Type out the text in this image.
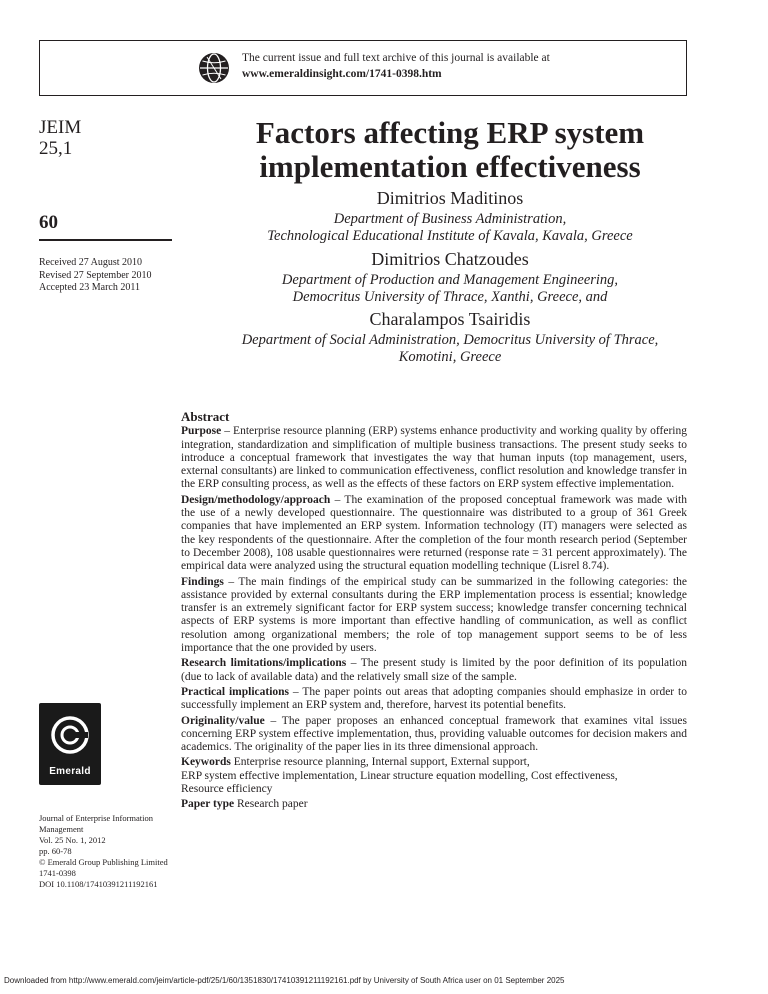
The current issue and full text archive of this journal is available at
www.emeraldinsight.com/1741-0398.htm
JEIM
25,1
60
Received 27 August 2010
Revised 27 September 2010
Accepted 23 March 2011
Factors affecting ERP system
implementation effectiveness
Dimitrios Maditinos
Department of Business Administration,
Technological Educational Institute of Kavala, Kavala, Greece
Dimitrios Chatzoudes
Department of Production and Management Engineering,
Democritus University of Thrace, Xanthi, Greece, and
Charalampos Tsairidis
Department of Social Administration, Democritus University of Thrace,
Komotini, Greece
Emerald
Journal of Enterprise Information
Management
Vol. 25 No. 1, 2012
pp. 60-78
© Emerald Group Publishing Limited
1741-0398
DOI 10.1108/17410391211192161
Abstract

Purpose – Enterprise resource planning (ERP) systems enhance productivity and working quality by offering integration, standardization and simplification of multiple business transactions. The present study seeks to introduce a conceptual framework that investigates the way that human inputs (top management, users, external consultants) are linked to communication effectiveness, conflict resolution and knowledge transfer in the ERP consulting process, as well as the effects of these factors on ERP system effective implementation.

Design/methodology/approach – The examination of the proposed conceptual framework was made with the use of a newly developed questionnaire. The questionnaire was distributed to a group of 361 Greek companies that have implemented an ERP system. Information technology (IT) managers were selected as the key respondents of the questionnaire. After the completion of the four month research period (September to December 2008), 108 usable questionnaires were returned (response rate = 31 percent approximately). The empirical data were analyzed using the structural equation modelling technique (Lisrel 8.74).

Findings – The main findings of the empirical study can be summarized in the following categories: the assistance provided by external consultants during the ERP implementation process is essential; knowledge transfer is an extremely significant factor for ERP system success; knowledge transfer concerning technical aspects of ERP systems is more important than effective handling of communication, as well as conflict resolution among organizational members; the role of top management support seems to be of less importance that the one provided by users.

Research limitations/implications – The present study is limited by the poor definition of its population (due to lack of available data) and the relatively small size of the sample.

Practical implications – The paper points out areas that adopting companies should emphasize in order to successfully implement an ERP system and, therefore, harvest its potential benefits.

Originality/value – The paper proposes an enhanced conceptual framework that examines vital issues concerning ERP system effective implementation, thus, providing valuable outcomes for decision makers and academics. The originality of the paper lies in its three dimensional approach.

Keywords Enterprise resource planning, Internal support, External support,
ERP system effective implementation, Linear structure equation modelling, Cost effectiveness,
Resource efficiency

Paper type Research paper

Downloaded from http://www.emerald.com/jeim/article-pdf/25/1/60/1351830/17410391211192161.pdf by University of South Africa user on 01 September 2025
